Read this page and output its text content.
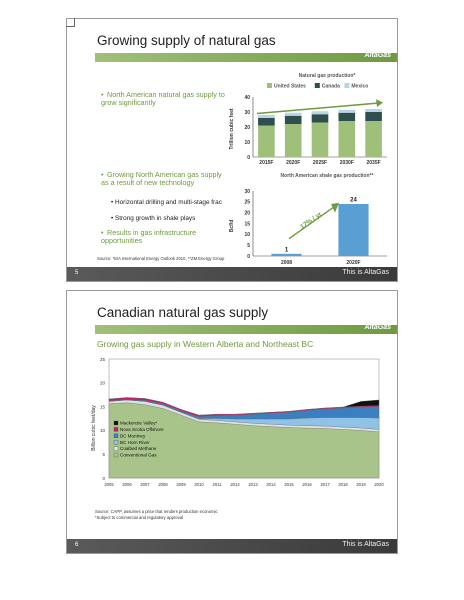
Growing supply of natural gas
AltaGas
• North American natural gas supply to grow significantly
• Growing North American gas supply as a result of new technology
• Horizontal drilling and multi-stage frac
• Strong growth in shale plays
• Results in gas infrastructure opportunities
Natural gas production*
United States	Canada Mexico
Trillion cubic feet
0
10
20
30
40
2015F	2020F	2025F	2030F	2035F
North American shale gas production**
Bcf/d
0
5
10
15
20
25
30
2008	2020F
1
24
17% / yr
Source: *EIA International Energy Outlook 2010, **ZM Energy Group
5	This is AltaGas
Canadian natural gas supply
AltaGas
Growing gas supply in Western Alberta and Northeast BC
Billion cubic feet/day
0
5
10
15
20
25
2005 2006 2007 2008 2009 2010 2011 2012 2013 2014 2015 2016 2017 2018 2019 2020
Mackenzie Valley*
Nova Scotia Offshore
BC Montney
BC Horn River
Coalbed Methane
Conventional Gas
Source: CAPP, assumes a price that renders production economic
*Subject to commercial and regulatory approval
6	This is AltaGas
